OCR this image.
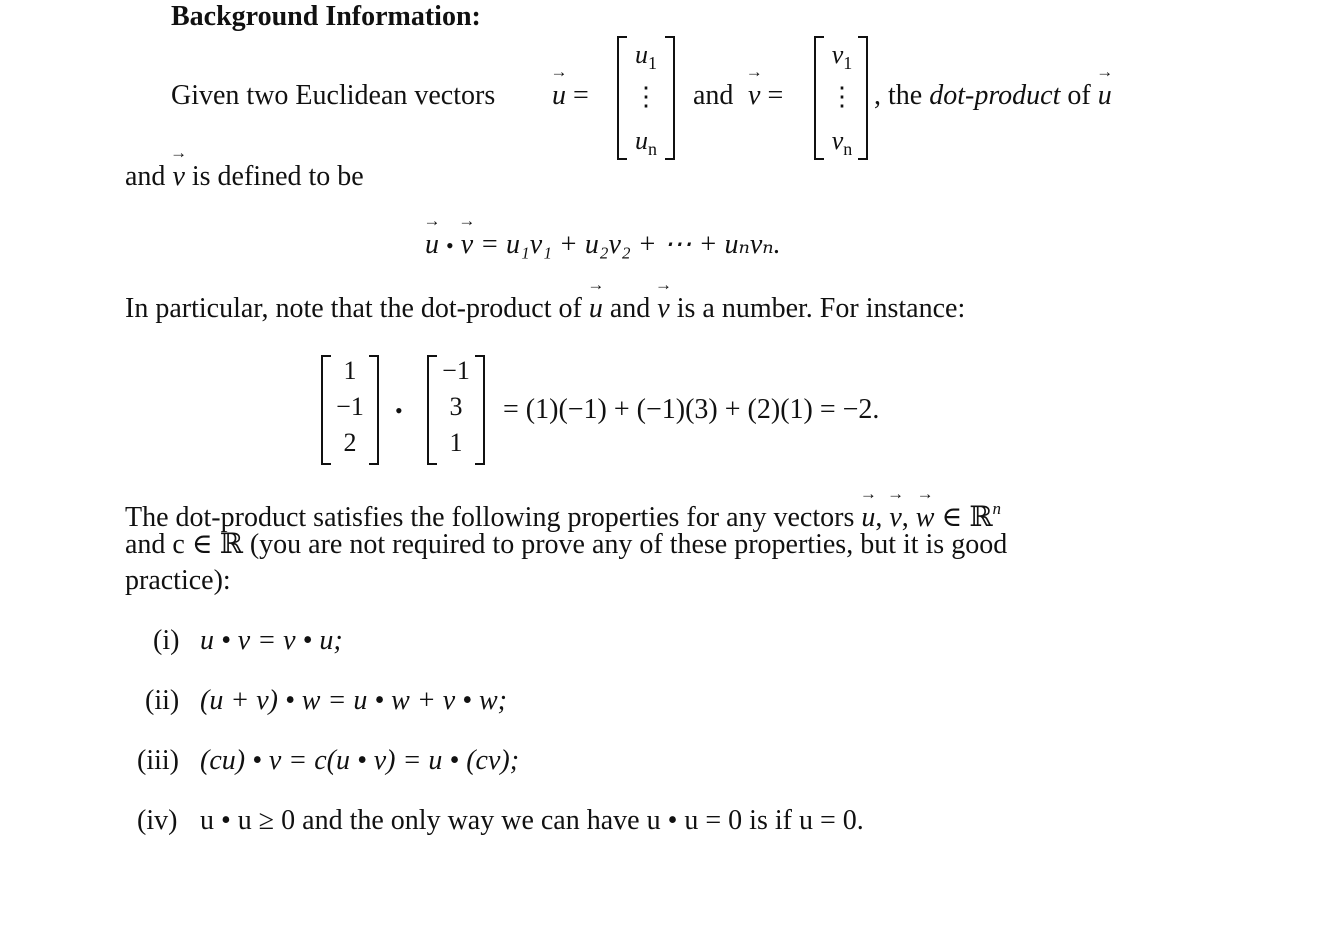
Background Information:
Given two Euclidean vectors → u =
$u_1$
⋮
$u_n$
and → v =
$v_1$
⋮
$v_n$
, the dot-product of → u
and → v is defined to be
→ u • → v = u₁v₁ + u₂v₂ + ⋯ + uₙvₙ.
In particular, note that the dot-product of → u and → v is a number. For instance:
1
−1
2
•
−1
3
1
= (1)(−1) + (−1)(3) + (2)(1) = −2.
The dot-product satisfies the following properties for any vectors → u, → v, → w ∈ ℝ$^n$
and c ∈ ℝ (you are not required to prove any of these properties, but it is good
practice):
(i) u • v = v • u;
(ii) (u + v) • w = u • w + v • w;
(iii) (cu) • v = c(u • v) = u • (cv);
(iv) u • u ≥ 0 and the only way we can have u • u = 0 is if u = 0.
